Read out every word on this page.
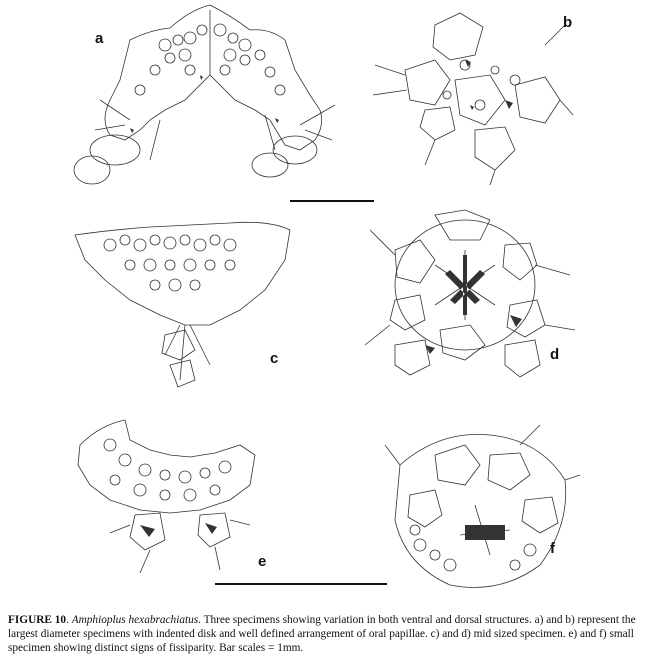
a
b
c	d
e
f
FIGURE 10. Amphioplus hexabrachiatus. Three specimens showing variation in both ventral and dorsal structures. a) and b) represent the largest diameter specimens with indented disk and well defined arrangement of oral papillae. c) and d) mid sized specimen. e) and f) small specimen showing distinct signs of fissiparity. Bar scales = 1mm.
